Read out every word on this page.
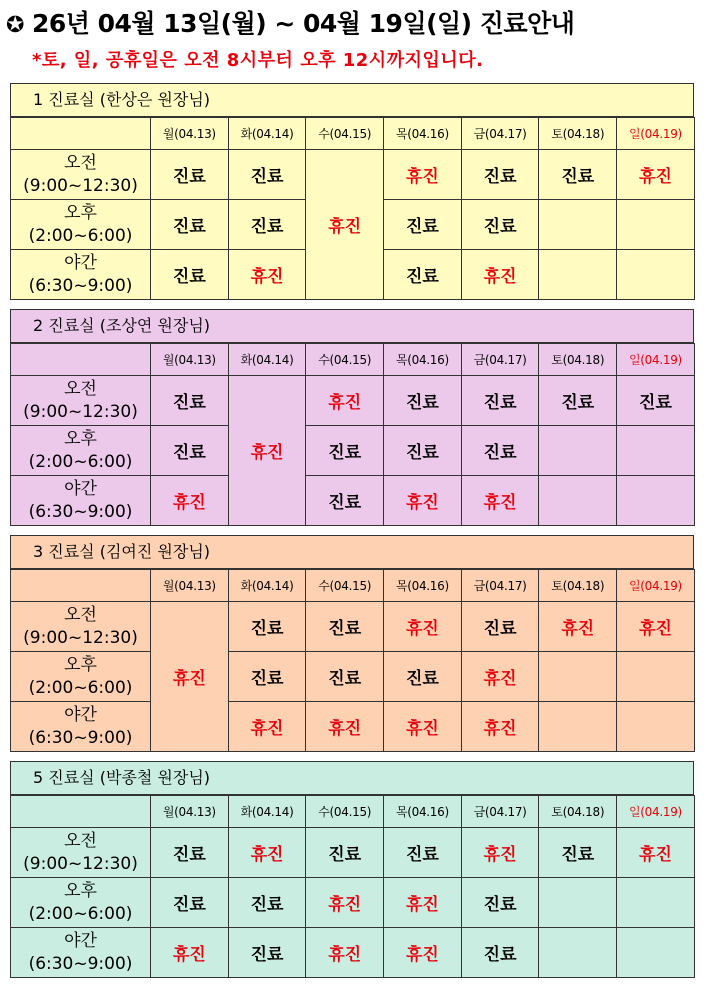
✪ 26년 04월 13일(월) ~ 04월 19일(일) 진료안내
*토, 일, 공휴일은 오전 8시부터 오후 12시까지입니다.
1 진료실 (한상은 원장님)
	월(04.13)	화(04.14)	수(04.15)	목(04.16)	금(04.17)	토(04.18)	일(04.19)
오전
(9:00~12:30)	진료	진료	휴진	휴진	진료	진료	휴진
오후
(2:00~6:00)	진료	진료		진료	진료		
야간
(6:30~9:00)	진료	휴진		진료	휴진		
2 진료실 (조상연 원장님)
	월(04.13)	화(04.14)	수(04.15)	목(04.16)	금(04.17)	토(04.18)	일(04.19)
오전
(9:00~12:30)	진료	휴진	휴진	진료	진료	진료	진료
오후
(2:00~6:00)	진료		진료	진료	진료		
야간
(6:30~9:00)	휴진		진료	휴진	휴진		
3 진료실 (김여진 원장님)
	월(04.13)	화(04.14)	수(04.15)	목(04.16)	금(04.17)	토(04.18)	일(04.19)
오전
(9:00~12:30)	휴진	진료	진료	휴진	진료	휴진	휴진
오후
(2:00~6:00)		진료	진료	진료	휴진		
야간
(6:30~9:00)		휴진	휴진	휴진	휴진		
5 진료실 (박종철 원장님)
	월(04.13)	화(04.14)	수(04.15)	목(04.16)	금(04.17)	토(04.18)	일(04.19)
오전
(9:00~12:30)	진료	휴진	진료	진료	휴진	진료	휴진
오후
(2:00~6:00)	진료	진료	휴진	휴진	진료		
야간
(6:30~9:00)	휴진	진료	휴진	휴진	진료		
